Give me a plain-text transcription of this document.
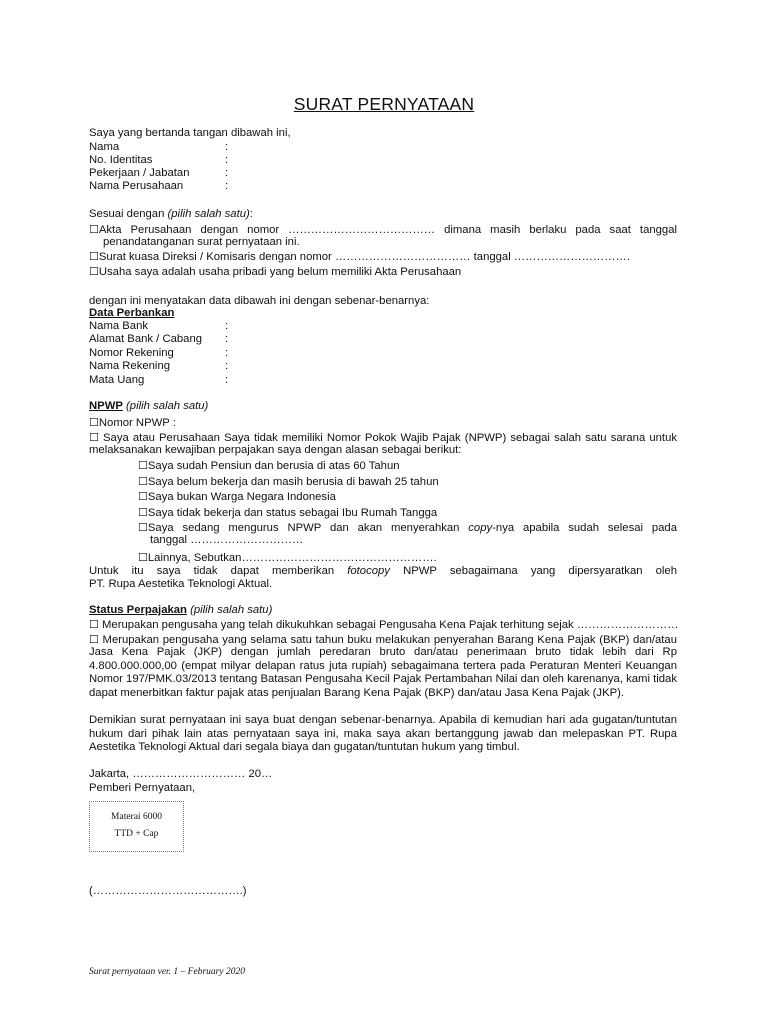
SURAT PERNYATAAN
Saya yang bertanda tangan dibawah ini,
Nama	:
No. Identitas	:
Pekerjaan / Jabatan	:
Nama Perusahaan	:
Sesuai dengan (pilih salah satu):
☐Akta Perusahaan dengan nomor ………………………………… dimana masih berlaku pada saat tanggal
penandatanganan surat pernyataan ini.
☐Surat kuasa Direksi / Komisaris dengan nomor ……………………………… tanggal ………………………….
☐Usaha saya adalah usaha pribadi yang belum memiliki Akta Perusahaan
dengan ini menyatakan data dibawah ini dengan sebenar-benarnya:
Data Perbankan
Nama Bank	:
Alamat Bank / Cabang :
Nomor Rekening	:
Nama Rekening	:
Mata Uang	:
NPWP (pilih salah satu)
☐Nomor NPWP :
☐ Saya atau Perusahaan Saya tidak memiliki Nomor Pokok Wajib Pajak (NPWP) sebagai salah satu sarana untuk
melaksanakan kewajiban perpajakan saya dengan alasan sebagai berikut:
☐Saya sudah Pensiun dan berusia di atas 60 Tahun
☐Saya belum bekerja dan masih berusia di bawah 25 tahun
☐Saya bukan Warga Negara Indonesia
☐Saya tidak bekerja dan status sebagai Ibu Rumah Tangga
☐Saya sedang mengurus NPWP dan akan menyerahkan copy-nya apabila sudah selesai pada
tanggal …………………………
☐Lainnya, Sebutkan…………………………………………….
Untuk itu saya tidak dapat memberikan fotocopy NPWP sebagaimana yang dipersyaratkan oleh
PT. Rupa Aestetika Teknologi Aktual.
Status Perpajakan (pilih salah satu)
☐ Merupakan pengusaha yang telah dikukuhkan sebagai Pengusaha Kena Pajak terhitung sejak ………………………
☐ Merupakan pengusaha yang selama satu tahun buku melakukan penyerahan Barang Kena Pajak (BKP) dan/atau
Jasa Kena Pajak (JKP) dengan jumlah peredaran bruto dan/atau penerimaan bruto tidak lebih dari Rp
4.800.000.000,00 (empat milyar delapan ratus juta rupiah) sebagaimana tertera pada Peraturan Menteri Keuangan
Nomor 197/PMK.03/2013 tentang Batasan Pengusaha Kecil Pajak Pertambahan Nilai dan oleh karenanya, kami tidak
dapat menerbitkan faktur pajak atas penjualan Barang Kena Pajak (BKP) dan/atau Jasa Kena Pajak (JKP).
Demikian surat pernyataan ini saya buat dengan sebenar-benarnya. Apabila di kemudian hari ada gugatan/tuntutan
hukum dari pihak lain atas pernyataan saya ini, maka saya akan bertanggung jawab dan melepaskan PT. Rupa
Aestetika Teknologi Aktual dari segala biaya dan gugatan/tuntutan hukum yang timbul.
Jakarta, ………………………… 20…
Pemberi Pernyataan,
Materai 6000
TTD + Cap
(………………………………….)
Surat pernyataan ver. 1 – February 2020
